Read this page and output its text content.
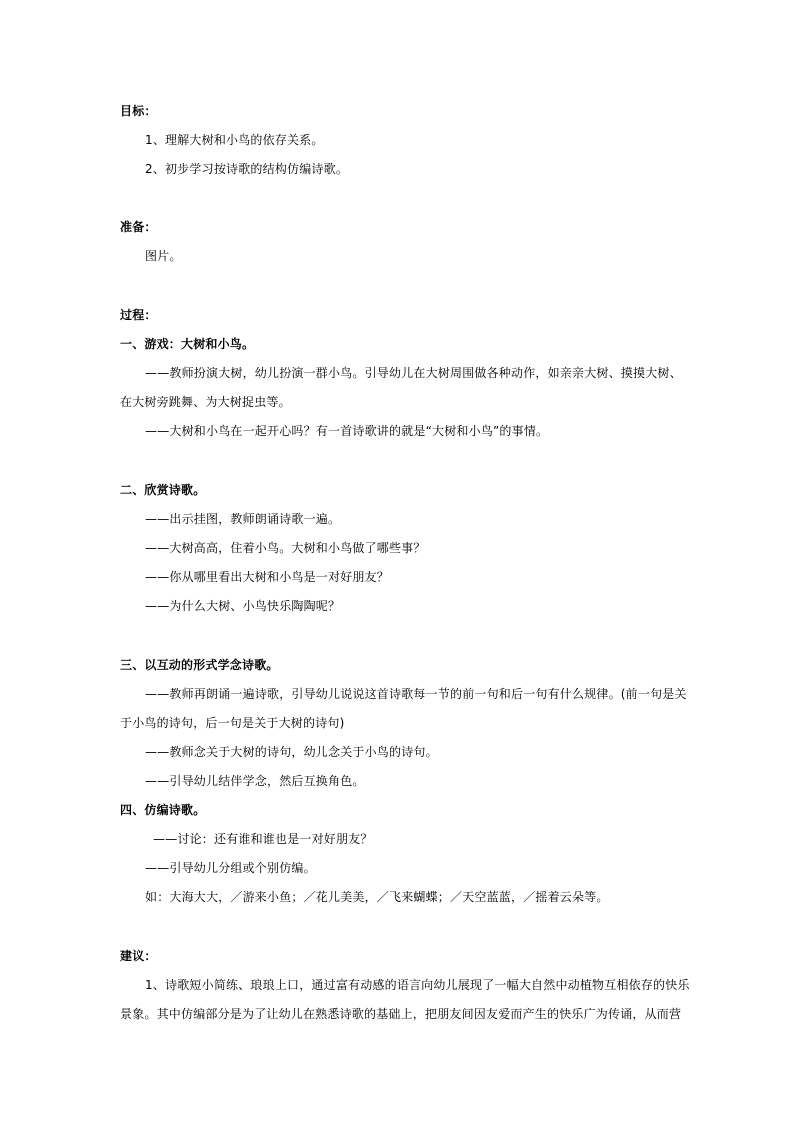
目标：
1、理解大树和小鸟的依存关系。
2、初步学习按诗歌的结构仿编诗歌。
准备：
图片。
过程：
一、游戏：大树和小鸟。
——教师扮演大树，幼儿扮演一群小鸟。引导幼儿在大树周围做各种动作，如亲亲大树、摸摸大树、
在大树旁跳舞、为大树捉虫等。
——大树和小鸟在一起开心吗？有一首诗歌讲的就是“大树和小鸟”的事情。
二、欣赏诗歌。
——出示挂图，教师朗诵诗歌一遍。
——大树高高，住着小鸟。大树和小鸟做了哪些事？
——你从哪里看出大树和小鸟是一对好朋友？
——为什么大树、小鸟快乐陶陶呢？
三、以互动的形式学念诗歌。
——教师再朗诵一遍诗歌，引导幼儿说说这首诗歌每一节的前一句和后一句有什么规律。(前一句是关
于小鸟的诗句，后一句是关于大树的诗句)
——教师念关于大树的诗句，幼儿念关于小鸟的诗句。
——引导幼儿结伴学念，然后互换角色。
四、仿编诗歌。
——讨论：还有谁和谁也是一对好朋友？
——引导幼儿分组或个别仿编。
如：大海大大，／游来小鱼；／花儿美美，／飞来蝴蝶；／天空蓝蓝，／摇着云朵等。
建议：
1、诗歌短小简练、琅琅上口，通过富有动感的语言向幼儿展现了一幅大自然中动植物互相依存的快乐
景象。其中仿编部分是为了让幼儿在熟悉诗歌的基础上，把朋友间因友爱而产生的快乐广为传诵，从而营
